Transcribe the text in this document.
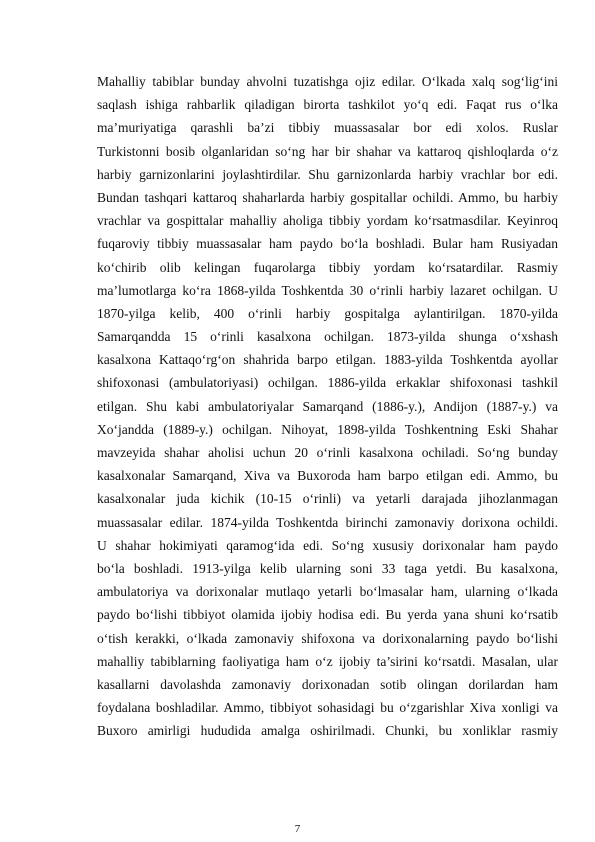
Mahalliy tabiblar bunday ahvolni tuzatishga ojiz edilar. O‘lkada xalq sog‘lig‘ini
saqlash ishiga rahbarlik qiladigan birorta tashkilot yo‘q edi. Faqat rus o‘lka
ma’muriyatiga qarashli ba’zi tibbiy muassasalar bor edi xolos. Ruslar
Turkistonni bosib olganlaridan so‘ng har bir shahar va kattaroq qishloqlarda o‘z
harbiy garnizonlarini joylashtirdilar. Shu garnizonlarda harbiy vrachlar bor edi.
Bundan tashqari kattaroq shaharlarda harbiy gospitallar ochildi. Ammo, bu harbiy
vrachlar va gospittalar mahalliy aholiga tibbiy yordam ko‘rsatmasdilar. Keyinroq
fuqaroviy tibbiy muassasalar ham paydo bo‘la boshladi. Bular ham Rusiyadan
ko‘chirib olib kelingan fuqarolarga tibbiy yordam ko‘rsatardilar. Rasmiy
ma’lumotlarga ko‘ra 1868-yilda Toshkentda 30 o‘rinli harbiy lazaret ochilgan. U
1870-yilga kelib, 400 o‘rinli harbiy gospitalga aylantirilgan. 1870-yilda
Samarqandda 15 o‘rinli kasalxona ochilgan. 1873-yilda shunga o‘xshash
kasalxona Kattaqo‘rg‘on shahrida barpo etilgan. 1883-yilda Toshkentda ayollar
shifoxonasi (ambulatoriyasi) ochilgan. 1886-yilda erkaklar shifoxonasi tashkil
etilgan. Shu kabi ambulatoriyalar Samarqand (1886-y.), Andijon (1887-y.) va
Xo‘jandda (1889-y.) ochilgan. Nihoyat, 1898-yilda Toshkentning Eski Shahar
mavzeyida shahar aholisi uchun 20 o‘rinli kasalxona ochiladi. So‘ng bunday
kasalxonalar Samarqand, Xiva va Buxoroda ham barpo etilgan edi. Ammo, bu
kasalxonalar juda kichik (10-15 o‘rinli) va yetarli darajada jihozlanmagan
muassasalar edilar. 1874-yilda Toshkentda birinchi zamonaviy dorixona ochildi.
U shahar hokimiyati qaramog‘ida edi. So‘ng xususiy dorixonalar ham paydo
bo‘la boshladi. 1913-yilga kelib ularning soni 33 taga yetdi. Bu kasalxona,
ambulatoriya va dorixonalar mutlaqo yetarli bo‘lmasalar ham, ularning o‘lkada
paydo bo‘lishi tibbiyot olamida ijobiy hodisa edi. Bu yerda yana shuni ko‘rsatib
o‘tish kerakki, o‘lkada zamonaviy shifoxona va dorixonalarning paydo bo‘lishi
mahalliy tabiblarning faoliyatiga ham o‘z ijobiy ta’sirini ko‘rsatdi. Masalan, ular
kasallarni davolashda zamonaviy dorixonadan sotib olingan dorilardan ham
foydalana boshladilar. Ammo, tibbiyot sohasidagi bu o‘zgarishlar Xiva xonligi va
Buxoro amirligi hududida amalga oshirilmadi. Chunki, bu xonliklar rasmiy
7
